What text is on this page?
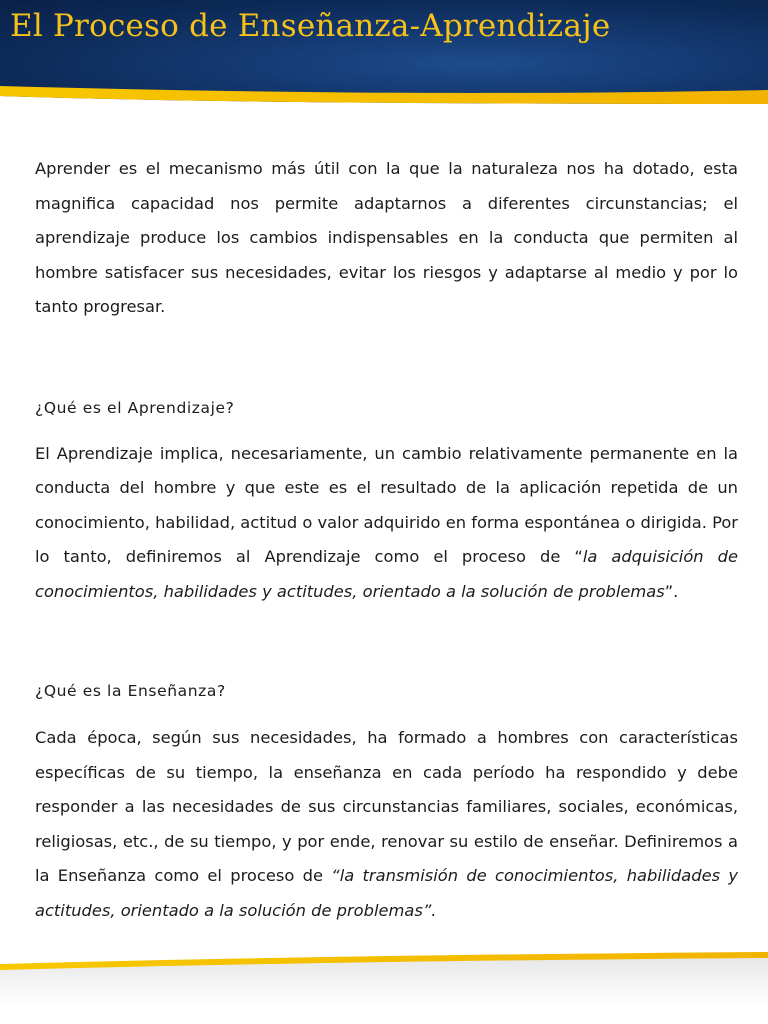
El Proceso de Enseñanza-Aprendizaje

Aprender es el mecanismo más útil con la que la naturaleza nos ha dotado, esta magnifica capacidad nos permite adaptarnos a diferentes circunstancias; el aprendizaje produce los cambios indispensables en la conducta que permiten al hombre satisfacer sus necesidades, evitar los riesgos y adaptarse al medio y por lo tanto progresar.

¿Qué es el Aprendizaje?

El Aprendizaje implica, necesariamente, un cambio relativamente permanente en la conducta del hombre y que este es el resultado de la aplicación repetida de un conocimiento, habilidad, actitud o valor adquirido en forma espontánea o dirigida. Por lo tanto, definiremos al Aprendizaje como el proceso de “la adquisición de conocimientos, habilidades y actitudes, orientado a la solución de problemas”.

¿Qué es la Enseñanza?

Cada época, según sus necesidades, ha formado a hombres con características específicas de su tiempo, la enseñanza en cada período ha respondido y debe responder a las necesidades de sus circunstancias familiares, sociales, económicas, religiosas, etc., de su tiempo, y por ende, renovar su estilo de enseñar. Definiremos a la Enseñanza como el proceso de “la transmisión de conocimientos, habilidades y actitudes, orientado a la solución de problemas”.
